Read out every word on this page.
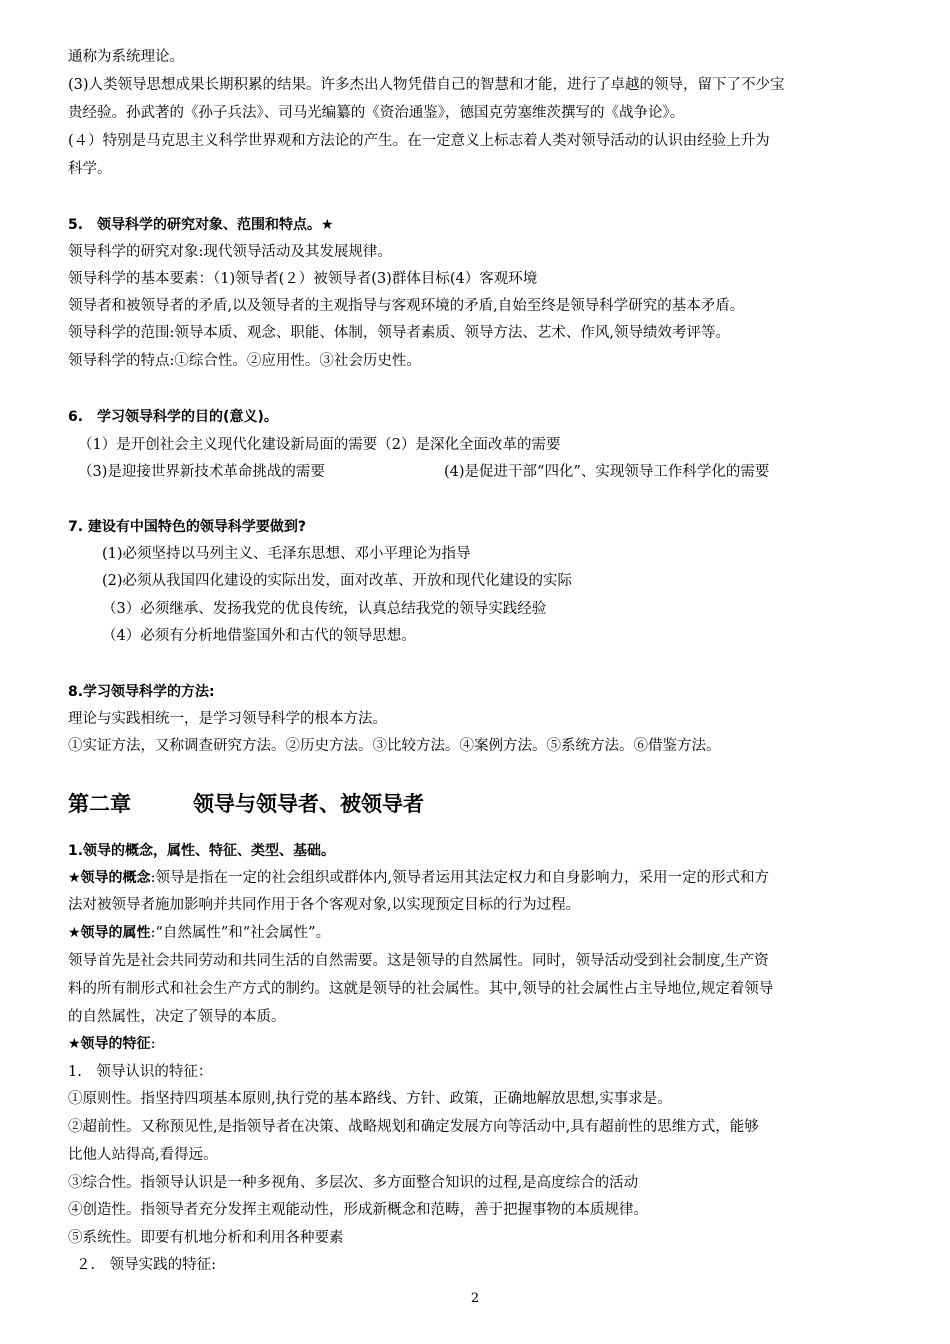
通称为系统理论。
(3)人类领导思想成果长期积累的结果。许多杰出人物凭借自己的智慧和才能，进行了卓越的领导，留下了不少宝
贵经验。孙武著的《孙子兵法》、司马光编纂的《资治通鉴》，德国克劳塞维茨撰写的《战争论》。
(４）特别是马克思主义科学世界观和方法论的产生。在一定意义上标志着人类对领导活动的认识由经验上升为
科学。
5.　领导科学的研究对象、范围和特点。★
领导科学的研究对象:现代领导活动及其发展规律。
领导科学的基本要素：（1)领导者(２）被领导者(3)群体目标(4）客观环境
领导者和被领导者的矛盾,以及领导者的主观指导与客观环境的矛盾,自始至终是领导科学研究的基本矛盾。
领导科学的范围:领导本质、观念、职能、体制，领导者素质、领导方法、艺术、作风,领导绩效考评等。
领导科学的特点:①综合性。②应用性。③社会历史性。
6.　学习领导科学的目的(意义)。
（1）是开创社会主义现代化建设新局面的需要（2）是深化全面改革的需要
（3)是迎接世界新技术革命挑战的需要	(4)是促进干部“四化”、实现领导工作科学化的需要
7. 建设有中国特色的领导科学要做到?
(1)必须坚持以马列主义、毛泽东思想、邓小平理论为指导
(2)必须从我国四化建设的实际出发，面对改革、开放和现代化建设的实际
（3）必须继承、发扬我党的优良传统，认真总结我党的领导实践经验
（4）必须有分析地借鉴国外和古代的领导思想。
8.学习领导科学的方法:
理论与实践相统一，是学习领导科学的根本方法。
①实证方法，又称调查研究方法。②历史方法。③比较方法。④案例方法。⑤系统方法。⑥借鉴方法。
第二章	领导与领导者、被领导者
1.领导的概念，属性、特征、类型、基础。
★领导的概念:领导是指在一定的社会组织或群体内,领导者运用其法定权力和自身影响力，采用一定的形式和方
法对被领导者施加影响并共同作用于各个客观对象,以实现预定目标的行为过程。
★领导的属性:“自然属性”和“社会属性”。
领导首先是社会共同劳动和共同生活的自然需要。这是领导的自然属性。同时，领导活动受到社会制度,生产资
料的所有制形式和社会生产方式的制约。这就是领导的社会属性。其中,领导的社会属性占主导地位,规定着领导
的自然属性，决定了领导的本质。
★领导的特征:
1.　领导认识的特征：
①原则性。指坚持四项基本原则,执行党的基本路线、方针、政策，正确地解放思想,实事求是。
②超前性。又称预见性,是指领导者在决策、战略规划和确定发展方向等活动中,具有超前性的思维方式，能够
比他人站得高,看得远。
③综合性。指领导认识是一种多视角、多层次、多方面整合知识的过程,是高度综合的活动
④创造性。指领导者充分发挥主观能动性，形成新概念和范畴，善于把握事物的本质规律。
⑤系统性。即要有机地分析和利用各种要素
２.　领导实践的特征:
2
